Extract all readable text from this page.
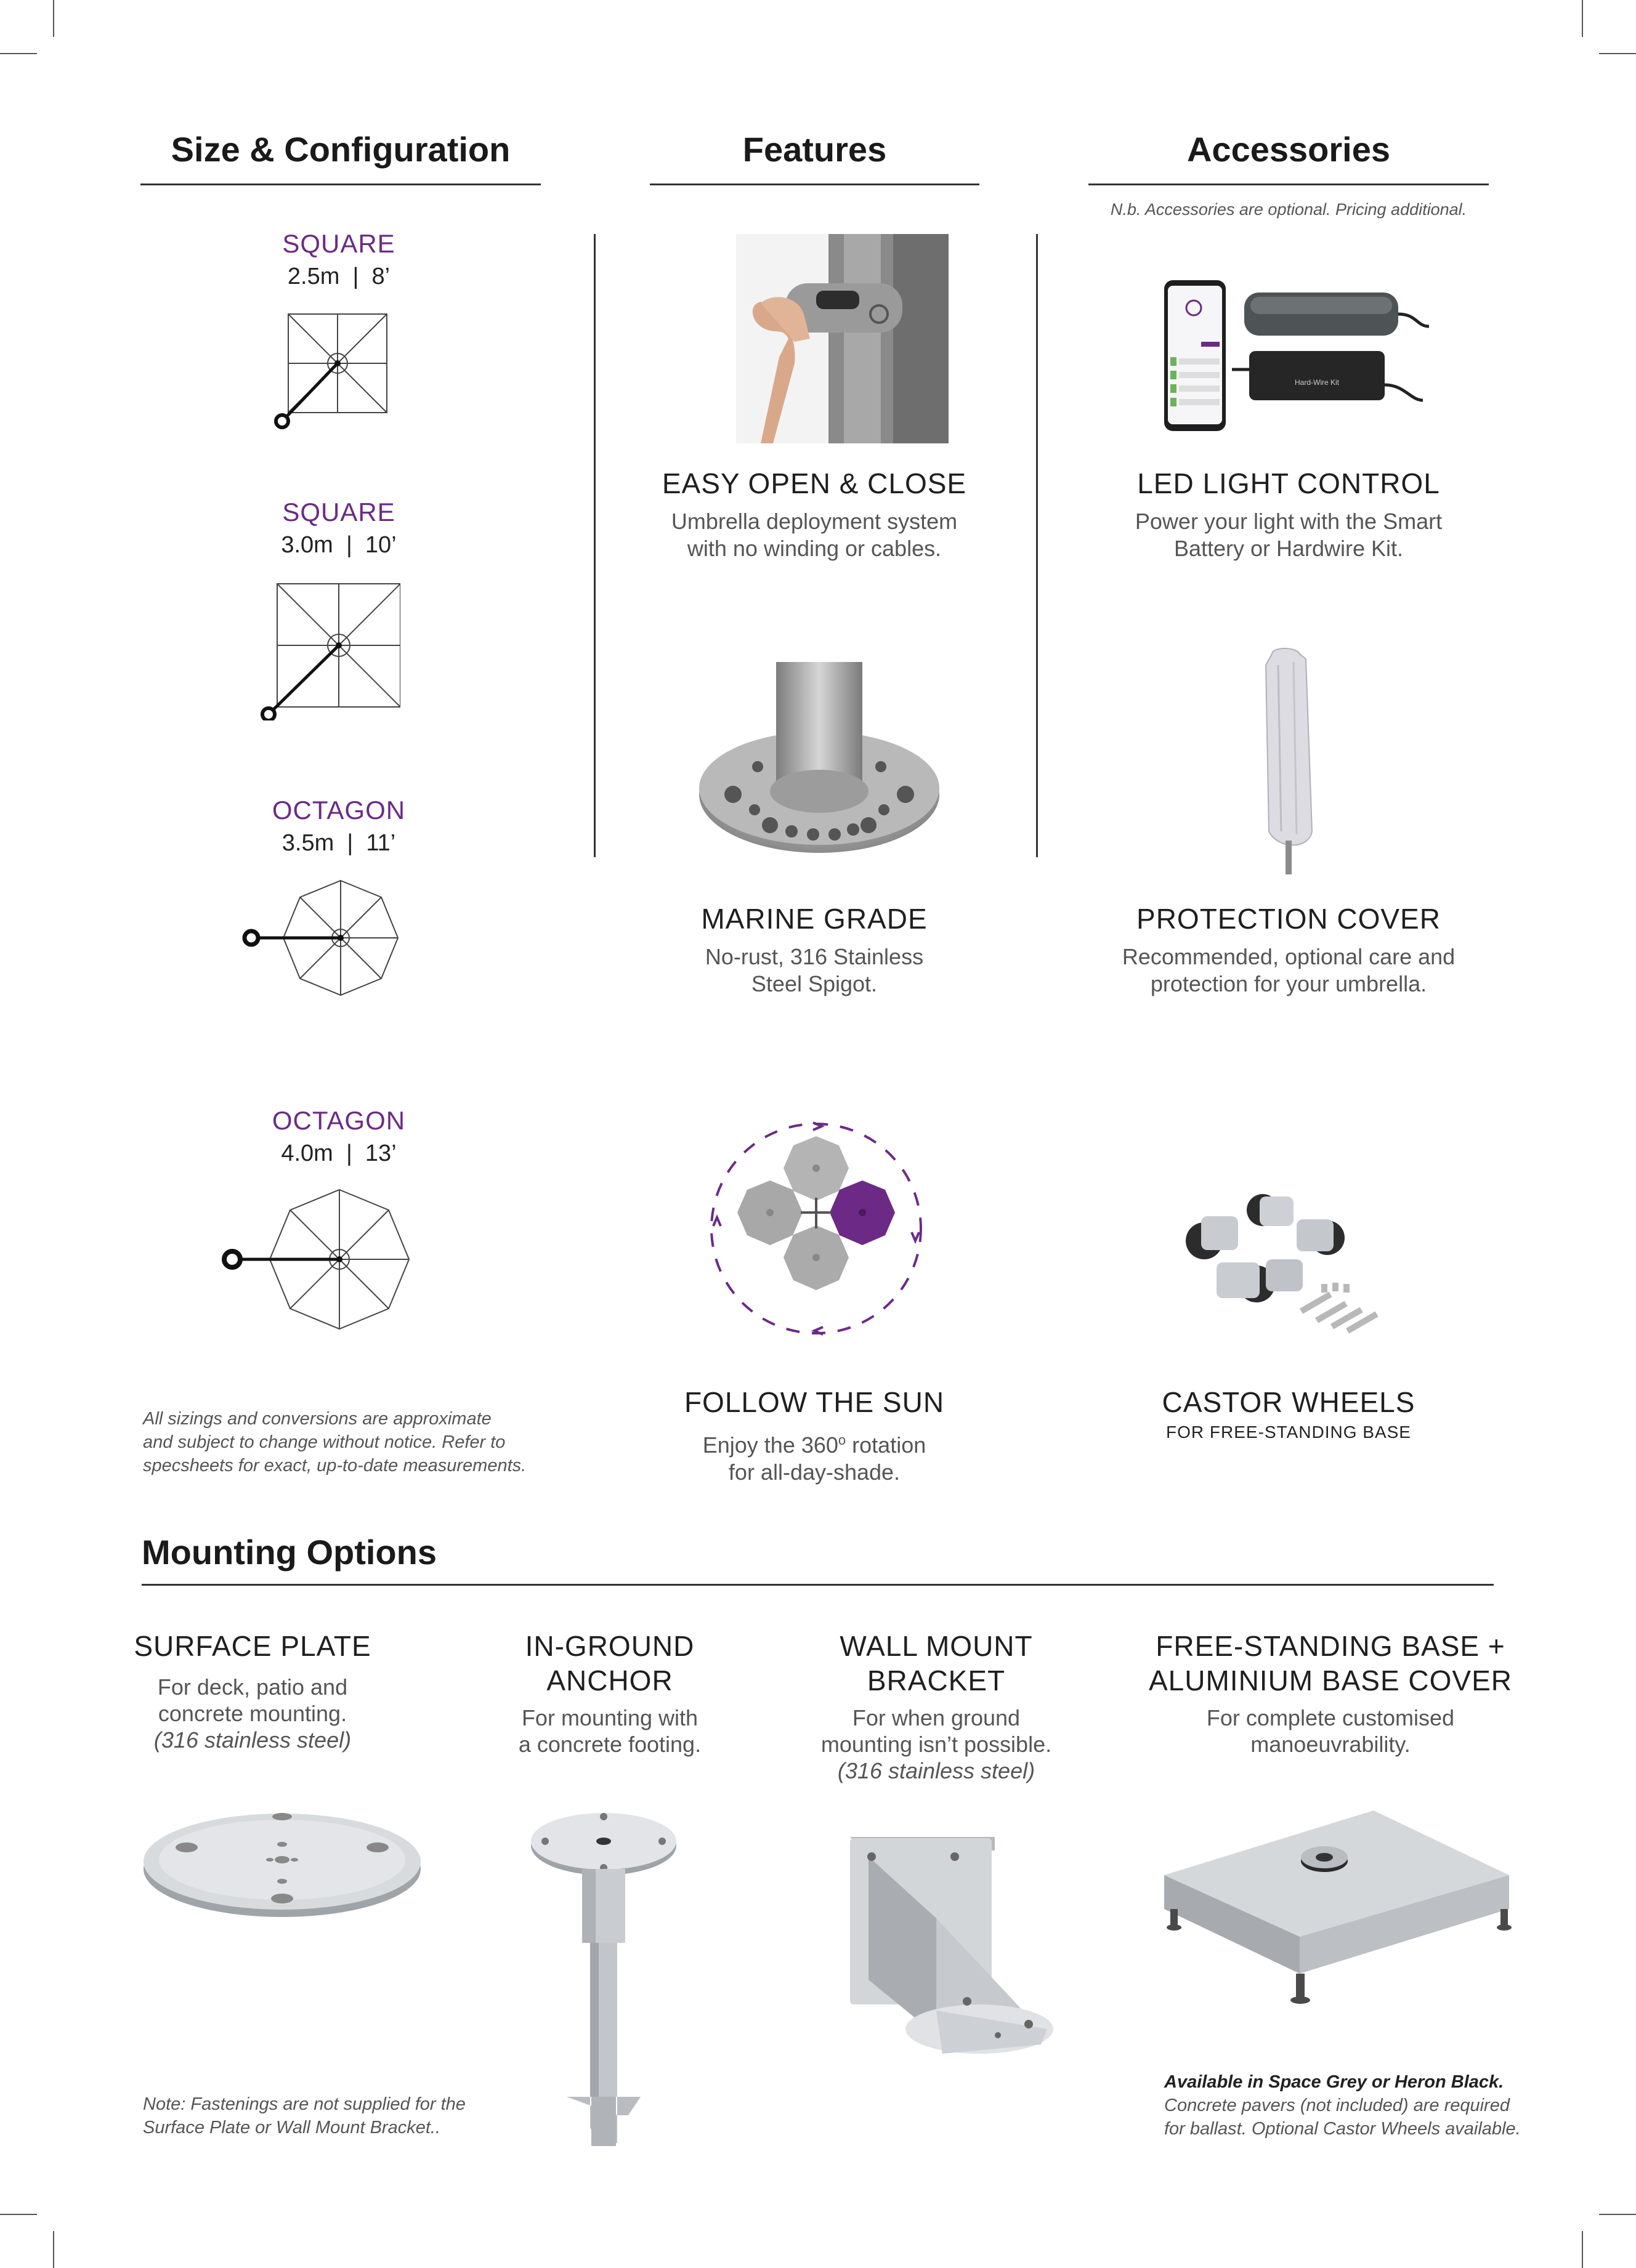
Size & Configuration	Features	Accessories
N.b. Accessories are optional. Pricing additional.
SQUARE
2.5m  |  8’
SQUARE
3.0m  |  10’
OCTAGON
3.5m  |  11’
OCTAGON
4.0m  |  13’
All sizings and conversions are approximate
and subject to change without notice. Refer to
specsheets for exact, up-to-date measurements.
EASY OPEN & CLOSE
Umbrella deployment system
with no winding or cables.
MARINE GRADE
No-rust, 316 Stainless
Steel Spigot.
FOLLOW THE SUN
Enjoy the 360$^o$ rotation
for all-day-shade.
Hard-Wire Kit
LED LIGHT CONTROL
Power your light with the Smart
Battery or Hardwire Kit.
PROTECTION COVER
Recommended, optional care and
protection for your umbrella.
CASTOR WHEELS
FOR FREE-STANDING BASE
Mounting Options
SURFACE PLATE
For deck, patio and
concrete mounting.
(316 stainless steel)
IN-GROUND
ANCHOR
For mounting with
a concrete footing.
WALL MOUNT
BRACKET
For when ground
mounting isn’t possible.
(316 stainless steel)
FREE-STANDING BASE +
ALUMINIUM BASE COVER
For complete customised
manoeuvrability.
Note: Fastenings are not supplied for the
Surface Plate or Wall Mount Bracket..
Available in Space Grey or Heron Black.
Concrete pavers (not included) are required
for ballast. Optional Castor Wheels available.
